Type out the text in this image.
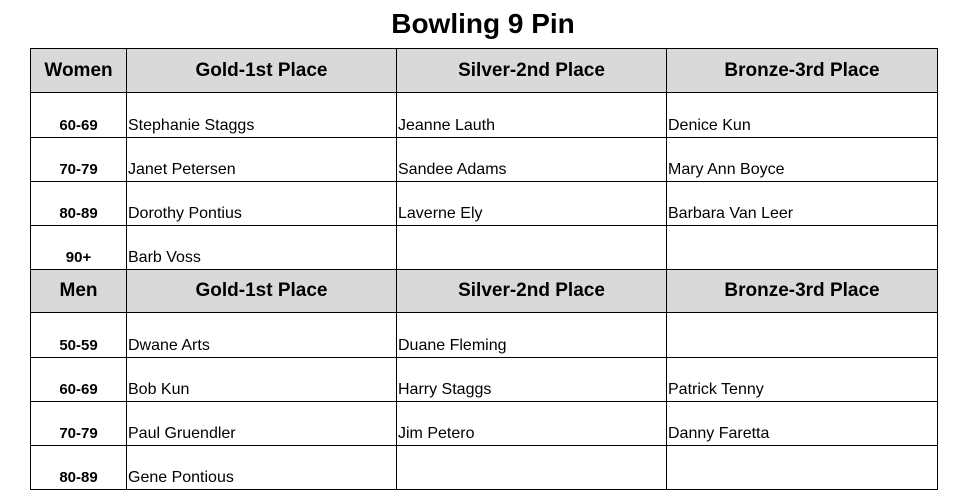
Bowling 9 Pin
Women	Gold-1st Place	Silver-2nd Place	Bronze-3rd Place
60-69	Stephanie Staggs	Jeanne Lauth	Denice Kun
70-79	Janet Petersen	Sandee Adams	Mary Ann Boyce
80-89	Dorothy Pontius	Laverne Ely	Barbara Van Leer
90+	Barb Voss		
Men	Gold-1st Place	Silver-2nd Place	Bronze-3rd Place
50-59	Dwane Arts	Duane Fleming	
60-69	Bob Kun	Harry Staggs	Patrick Tenny
70-79	Paul Gruendler	Jim Petero	Danny Faretta
80-89	Gene Pontious		
